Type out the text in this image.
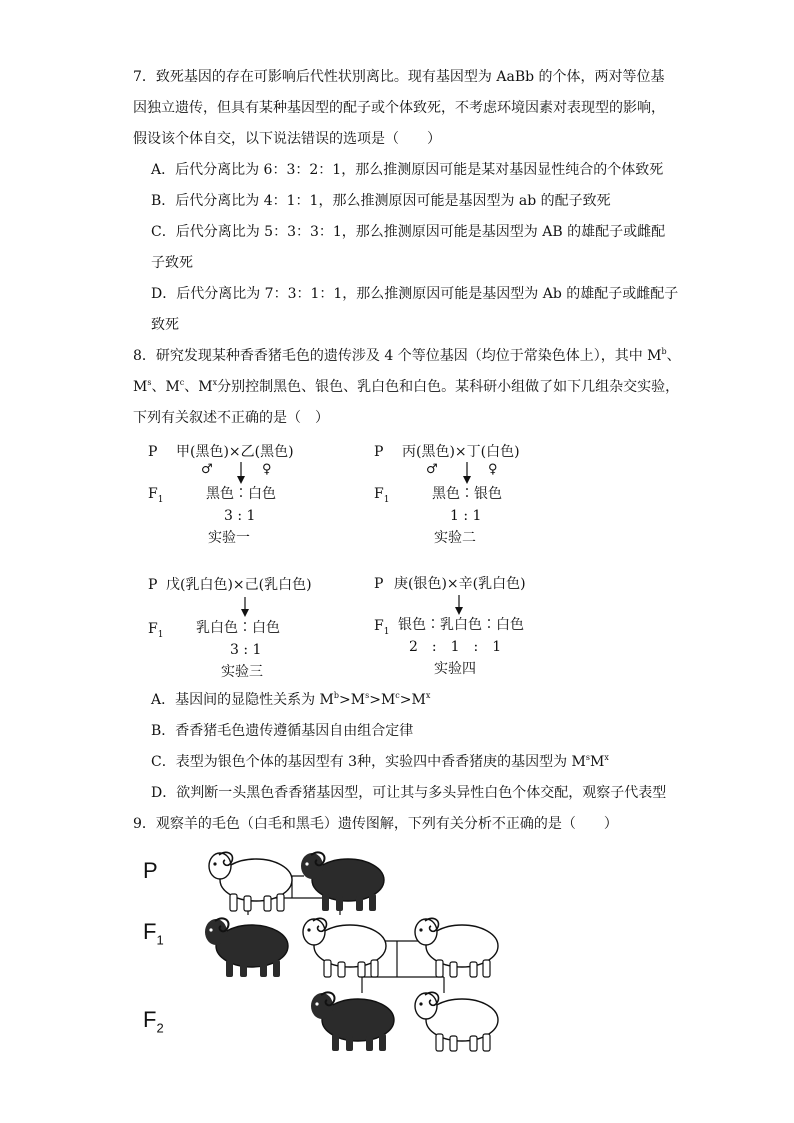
7．致死基因的存在可影响后代性状別离比。现有基因型为 AaBb 的个体，两对等位基
因独立遗传，但具有某种基因型的配子或个体致死，不考虑环境因素对表现型的影响，
假设该个体自交，以下说法错误的选项是（　　）
A．后代分离比为 6：3：2：1，那么推测原因可能是某对基因显性纯合的个体致死
B．后代分离比为 4：1：1，那么推测原因可能是基因型为 ab 的配子致死
C．后代分离比为 5：3：3：1，那么推测原因可能是基因型为 AB 的雄配子或雌配
子致死
D．后代分离比为 7：3：1：1，那么推测原因可能是基因型为 Ab 的雄配子或雌配子
致死
8．研究发现某种香香猪毛色的遗传涉及 4 个等位基因（均位于常染色体上），其中 $M^b$、
$M^s$、$M^c$、$M^x$分别控制黑色、银色、乳白色和白色。某科研小组做了如下几组杂交实验，
下列有关叙述不正确的是（　）
P 甲(黑色)×乙(黑色)
♂	♀
$F_1$	黑色∶白色
3 : 1
实验一
P 丙(黑色)×丁(白色)
♂	♀
$F_1$	黑色∶银色
1 : 1
实验二
P 戊(乳白色)×己(乳白色)
$F_1$ 乳白色∶白色
3 : 1
实验三
P 庚(银色)×辛(乳白色)
$F_1$ 银色∶乳白色∶白色
2　:　1　:　1
实验四
A．基因间的显隐性关系为 $M^b>M^s>M^c>M^x$
B．香香猪毛色遗传遵循基因自由组合定律
C．表型为银色个体的基因型有 3种，实验四中香香猪庚的基因型为 $M^sM^x$
D．欲判断一头黑色香香猪基因型，可让其与多头异性白色个体交配，观察子代表型
9．观察羊的毛色（白毛和黑毛）遗传图解，下列有关分析不正确的是（　　）
P
$F_1$
$F_2$
